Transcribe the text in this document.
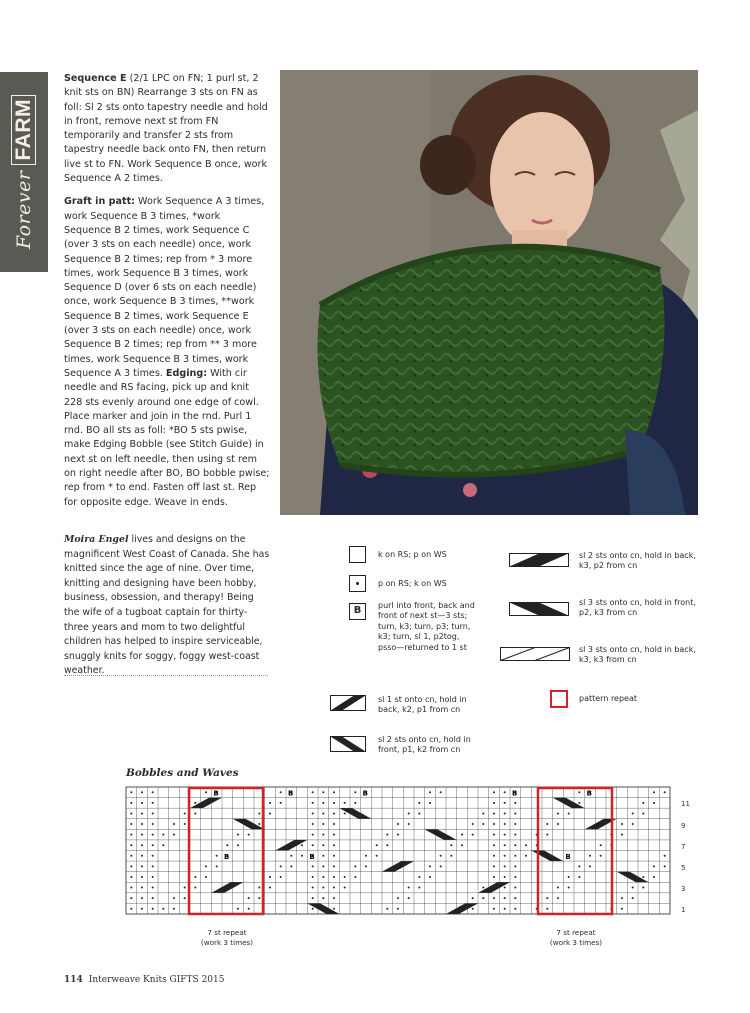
ForeverFARM

Sequence E (2/1 LPC on FN; 1 purl st, 2 knit sts on BN) Rearrange 3 sts on FN as foll: Sl 2 sts onto tapestry needle and hold in front, remove next st from FN temporarily and transfer 2 sts from tapestry needle back onto FN, then return live st to FN. Work Sequence B once, work Sequence A 2 times.

Graft in patt: Work Sequence A 3 times, work Sequence B 3 times, *work Sequence B 2 times, work Sequence C (over 3 sts on each needle) once, work Sequence B 2 times; rep from * 3 more times, work Sequence B 3 times, work Sequence D (over 6 sts on each needle) once, work Sequence B 3 times, **work Sequence B 2 times, work Sequence E (over 3 sts on each needle) once, work Sequence B 2 times; rep from ** 3 more times, work Sequence B 3 times, work Sequence A 3 times. Edging: With cir needle and RS facing, pick up and knit 228 sts evenly around one edge of cowl. Place marker and join in the rnd. Purl 1 rnd. BO all sts as foll: *BO 5 sts pwise, make Edging Bobble (see Stitch Guide) in next st on left needle, then using st rem on right needle after BO, BO bobble pwise; rep from * to end. Fasten off last st. Rep for opposite edge. Weave in ends.

Moira Engel lives and designs on the magnificent West Coast of Canada. She has knitted since the age of nine. Over time, knitting and designing have been hobby, business, obsession, and therapy! Being the wife of a tugboat captain for thirty-three years and mom to two delightful children has helped to inspire serviceable, snuggly knits for soggy, foggy west-coast weather.
k on RS; p on WS
p on RS; k on WS
B	purl into front, back and front of next st—3 sts; turn, k3; turn, p3; turn, k3; turn, sl 1, p2tog, psso—returned to 1 st
sl 1 st onto cn, hold in back, k2, p1 from cn
sl 2 sts onto cn, hold in front, p1, k2 from cn
sl 2 sts onto cn, hold in back, k3, p2 from cn
sl 3 sts onto cn, hold in front, p2, k3 from cn
sl 3 sts onto cn, hold in back, k3, k3 from cn
pattern repeat
Bobbles and Waves
B	B	B	B	B
B	B	B
11
9
7
5
3
1
7 st repeat
(work 3 times)
7 st repeat
(work 3 times)
114 Interweave Knits GIFTS 2015
